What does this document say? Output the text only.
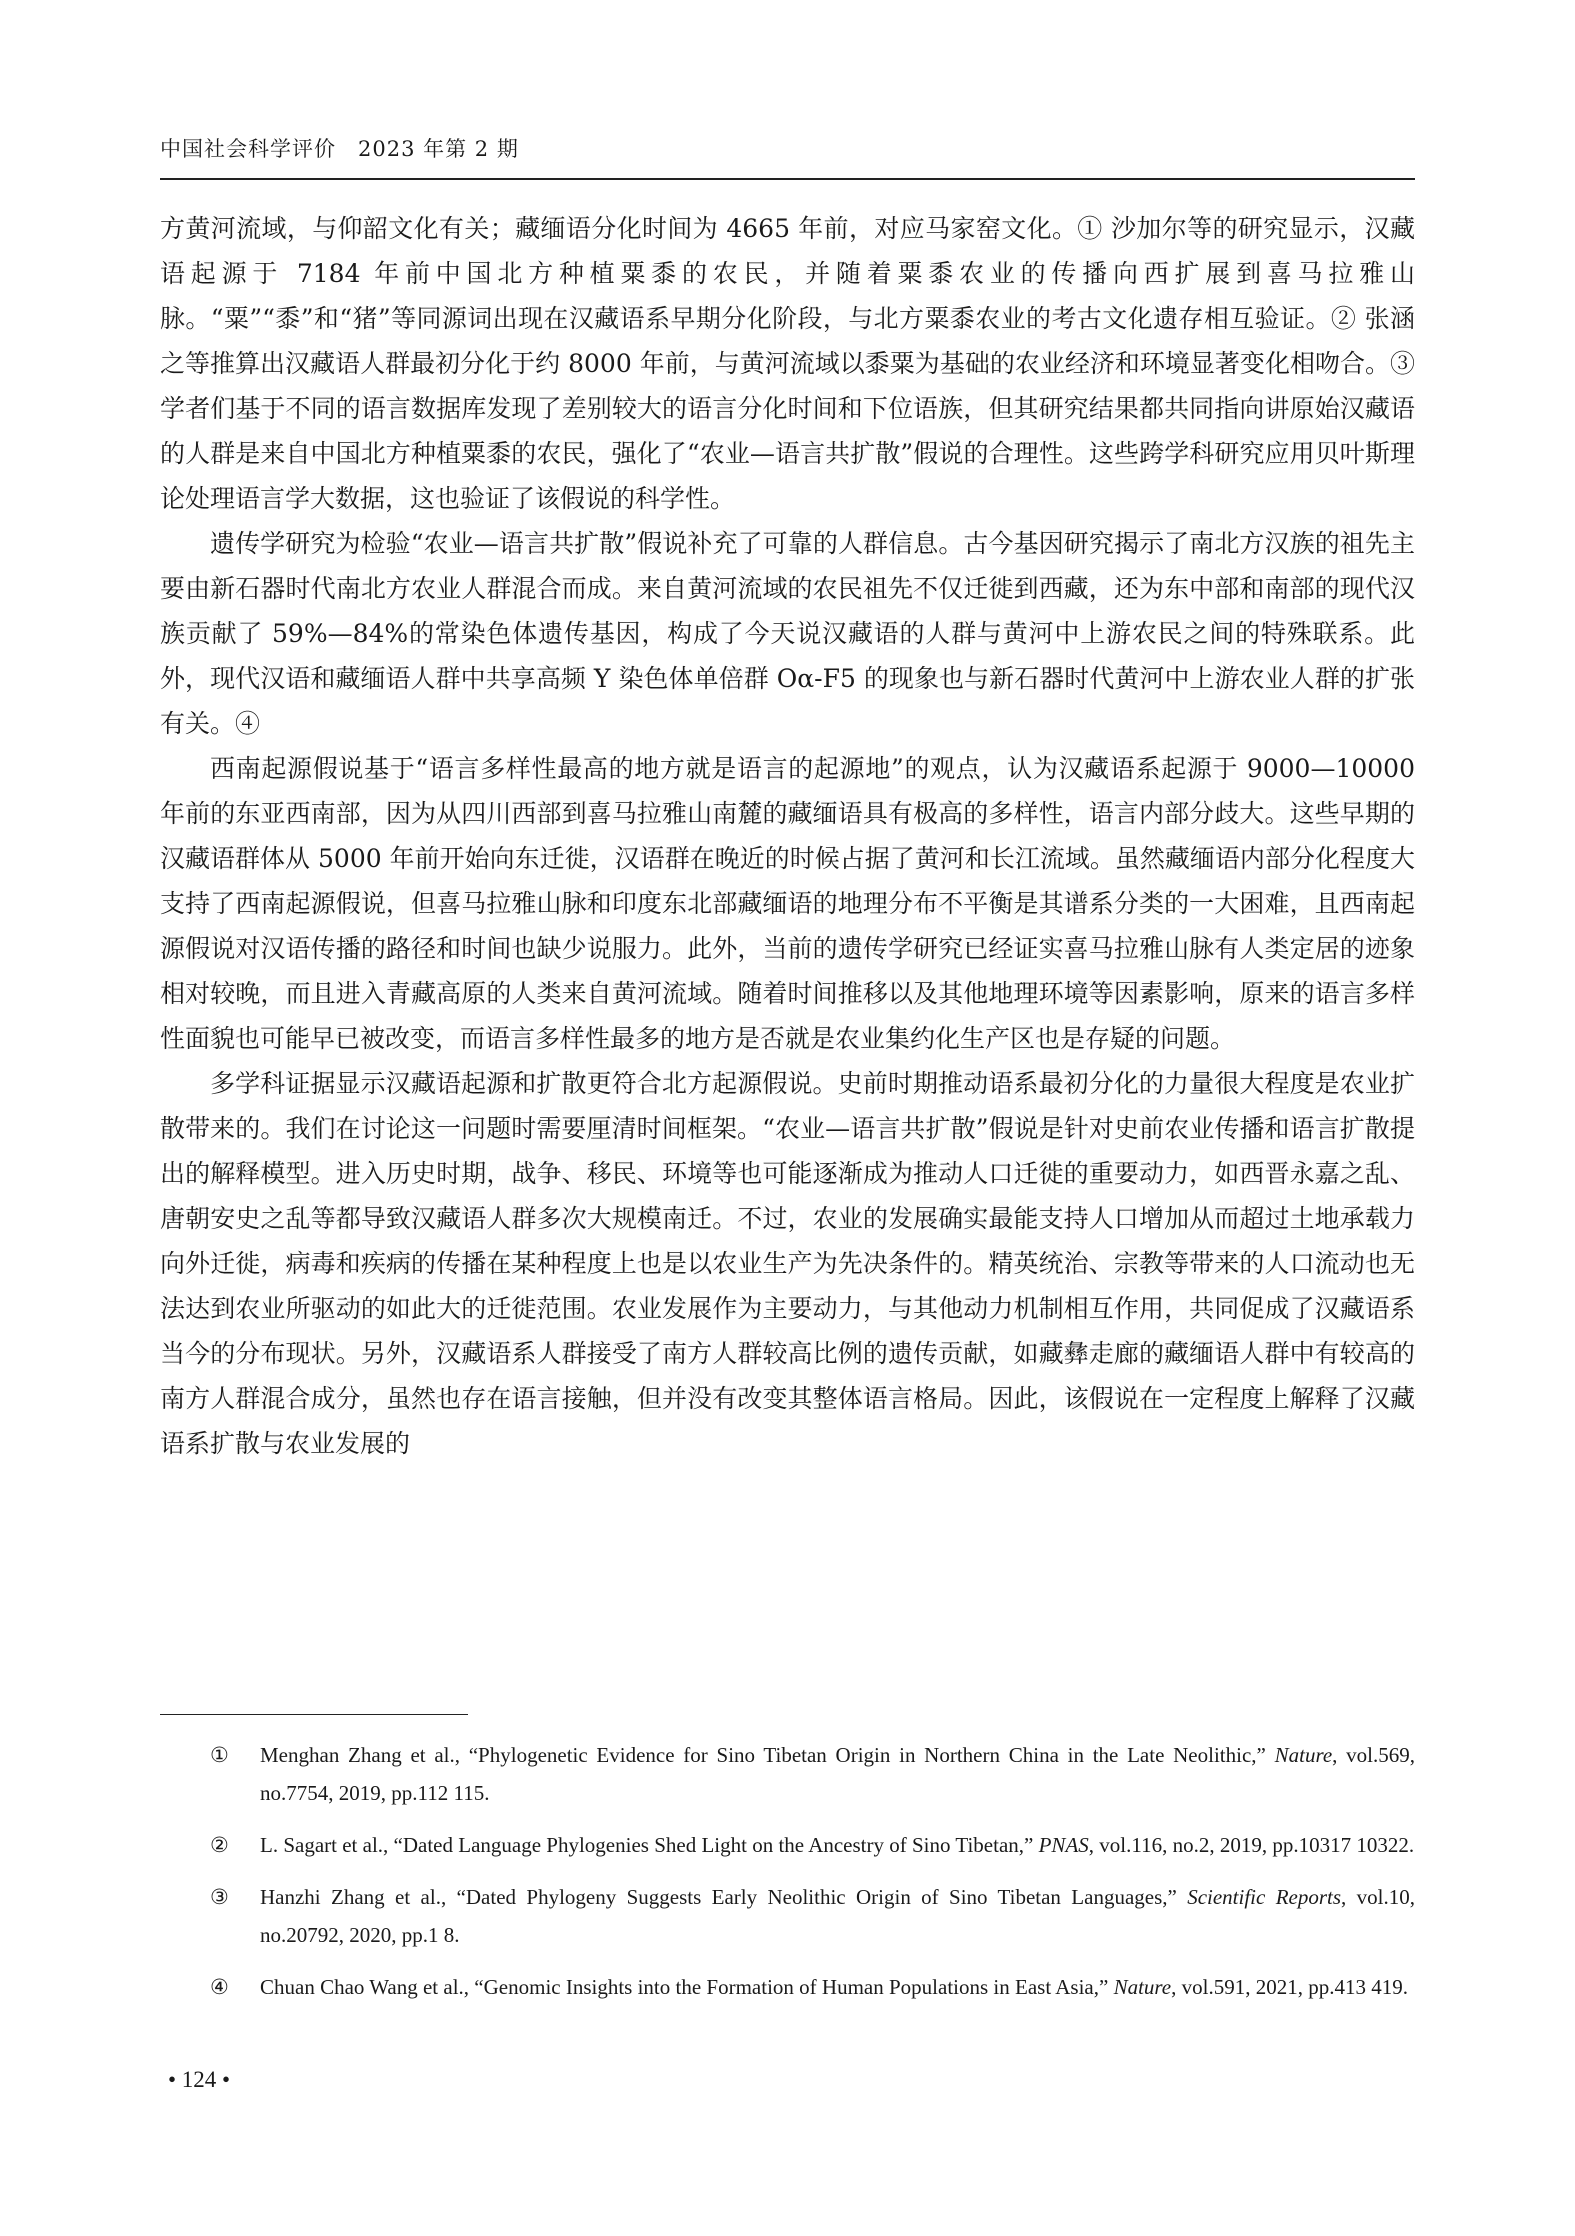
中国社会科学评价 2023 年第 2 期

方黄河流域，与仰韶文化有关；藏缅语分化时间为 4665 年前，对应马家窑文化。① 沙加尔等的研究显示，汉藏语起源于 7184 年前中国北方种植粟黍的农民，并随着粟黍农业的传播向西扩展到喜马拉雅山脉。“粟”“黍”和“猪”等同源词出现在汉藏语系早期分化阶段，与北方粟黍农业的考古文化遗存相互验证。② 张涵之等推算出汉藏语人群最初分化于约 8000 年前，与黄河流域以黍粟为基础的农业经济和环境显著变化相吻合。③ 学者们基于不同的语言数据库发现了差别较大的语言分化时间和下位语族，但其研究结果都共同指向讲原始汉藏语的人群是来自中国北方种植粟黍的农民，强化了“农业—语言共扩散”假说的合理性。这些跨学科研究应用贝叶斯理论处理语言学大数据，这也验证了该假说的科学性。

遗传学研究为检验“农业—语言共扩散”假说补充了可靠的人群信息。古今基因研究揭示了南北方汉族的祖先主要由新石器时代南北方农业人群混合而成。来自黄河流域的农民祖先不仅迁徙到西藏，还为东中部和南部的现代汉族贡献了 59%—84%的常染色体遗传基因，构成了今天说汉藏语的人群与黄河中上游农民之间的特殊联系。此外，现代汉语和藏缅语人群中共享高频 Y 染色体单倍群 Oα-F5 的现象也与新石器时代黄河中上游农业人群的扩张有关。④

西南起源假说基于“语言多样性最高的地方就是语言的起源地”的观点，认为汉藏语系起源于 9000—10000 年前的东亚西南部，因为从四川西部到喜马拉雅山南麓的藏缅语具有极高的多样性，语言内部分歧大。这些早期的汉藏语群体从 5000 年前开始向东迁徙，汉语群在晚近的时候占据了黄河和长江流域。虽然藏缅语内部分化程度大支持了西南起源假说，但喜马拉雅山脉和印度东北部藏缅语的地理分布不平衡是其谱系分类的一大困难，且西南起源假说对汉语传播的路径和时间也缺少说服力。此外，当前的遗传学研究已经证实喜马拉雅山脉有人类定居的迹象相对较晚，而且进入青藏高原的人类来自黄河流域。随着时间推移以及其他地理环境等因素影响，原来的语言多样性面貌也可能早已被改变，而语言多样性最多的地方是否就是农业集约化生产区也是存疑的问题。

多学科证据显示汉藏语起源和扩散更符合北方起源假说。史前时期推动语系最初分化的力量很大程度是农业扩散带来的。我们在讨论这一问题时需要厘清时间框架。“农业—语言共扩散”假说是针对史前农业传播和语言扩散提出的解释模型。进入历史时期，战争、移民、环境等也可能逐渐成为推动人口迁徙的重要动力，如西晋永嘉之乱、唐朝安史之乱等都导致汉藏语人群多次大规模南迁。不过，农业的发展确实最能支持人口增加从而超过土地承载力向外迁徙，病毒和疾病的传播在某种程度上也是以农业生产为先决条件的。精英统治、宗教等带来的人口流动也无法达到农业所驱动的如此大的迁徙范围。农业发展作为主要动力，与其他动力机制相互作用，共同促成了汉藏语系当今的分布现状。另外，汉藏语系人群接受了南方人群较高比例的遗传贡献，如藏彝走廊的藏缅语人群中有较高的南方人群混合成分，虽然也存在语言接触，但并没有改变其整体语言格局。因此，该假说在一定程度上解释了汉藏语系扩散与农业发展的

① Menghan Zhang et al., “Phylogenetic Evidence for Sino Tibetan Origin in Northern China in the Late Neolithic,” Nature, vol.569, no.7754, 2019, pp.112 115.

② L. Sagart et al., “Dated Language Phylogenies Shed Light on the Ancestry of Sino Tibetan,” PNAS, vol.116, no.2, 2019, pp.10317 10322.

③ Hanzhi Zhang et al., “Dated Phylogeny Suggests Early Neolithic Origin of Sino Tibetan Languages,” Scientific Reports, vol.10, no.20792, 2020, pp.1 8.

④ Chuan Chao Wang et al., “Genomic Insights into the Formation of Human Populations in East Asia,” Nature, vol.591, 2021, pp.413 419.

• 124 •
